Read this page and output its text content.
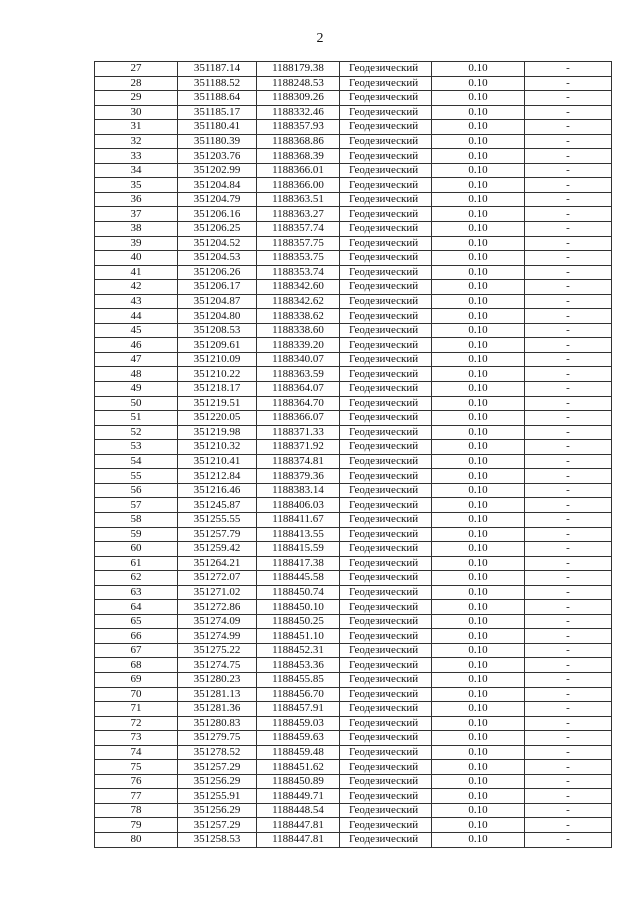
2
27	351187.14	1188179.38	Геодезический	0.10	-
28	351188.52	1188248.53	Геодезический	0.10	-
29	351188.64	1188309.26	Геодезический	0.10	-
30	351185.17	1188332.46	Геодезический	0.10	-
31	351180.41	1188357.93	Геодезический	0.10	-
32	351180.39	1188368.86	Геодезический	0.10	-
33	351203.76	1188368.39	Геодезический	0.10	-
34	351202.99	1188366.01	Геодезический	0.10	-
35	351204.84	1188366.00	Геодезический	0.10	-
36	351204.79	1188363.51	Геодезический	0.10	-
37	351206.16	1188363.27	Геодезический	0.10	-
38	351206.25	1188357.74	Геодезический	0.10	-
39	351204.52	1188357.75	Геодезический	0.10	-
40	351204.53	1188353.75	Геодезический	0.10	-
41	351206.26	1188353.74	Геодезический	0.10	-
42	351206.17	1188342.60	Геодезический	0.10	-
43	351204.87	1188342.62	Геодезический	0.10	-
44	351204.80	1188338.62	Геодезический	0.10	-
45	351208.53	1188338.60	Геодезический	0.10	-
46	351209.61	1188339.20	Геодезический	0.10	-
47	351210.09	1188340.07	Геодезический	0.10	-
48	351210.22	1188363.59	Геодезический	0.10	-
49	351218.17	1188364.07	Геодезический	0.10	-
50	351219.51	1188364.70	Геодезический	0.10	-
51	351220.05	1188366.07	Геодезический	0.10	-
52	351219.98	1188371.33	Геодезический	0.10	-
53	351210.32	1188371.92	Геодезический	0.10	-
54	351210.41	1188374.81	Геодезический	0.10	-
55	351212.84	1188379.36	Геодезический	0.10	-
56	351216.46	1188383.14	Геодезический	0.10	-
57	351245.87	1188406.03	Геодезический	0.10	-
58	351255.55	1188411.67	Геодезический	0.10	-
59	351257.79	1188413.55	Геодезический	0.10	-
60	351259.42	1188415.59	Геодезический	0.10	-
61	351264.21	1188417.38	Геодезический	0.10	-
62	351272.07	1188445.58	Геодезический	0.10	-
63	351271.02	1188450.74	Геодезический	0.10	-
64	351272.86	1188450.10	Геодезический	0.10	-
65	351274.09	1188450.25	Геодезический	0.10	-
66	351274.99	1188451.10	Геодезический	0.10	-
67	351275.22	1188452.31	Геодезический	0.10	-
68	351274.75	1188453.36	Геодезический	0.10	-
69	351280.23	1188455.85	Геодезический	0.10	-
70	351281.13	1188456.70	Геодезический	0.10	-
71	351281.36	1188457.91	Геодезический	0.10	-
72	351280.83	1188459.03	Геодезический	0.10	-
73	351279.75	1188459.63	Геодезический	0.10	-
74	351278.52	1188459.48	Геодезический	0.10	-
75	351257.29	1188451.62	Геодезический	0.10	-
76	351256.29	1188450.89	Геодезический	0.10	-
77	351255.91	1188449.71	Геодезический	0.10	-
78	351256.29	1188448.54	Геодезический	0.10	-
79	351257.29	1188447.81	Геодезический	0.10	-
80	351258.53	1188447.81	Геодезический	0.10	-
